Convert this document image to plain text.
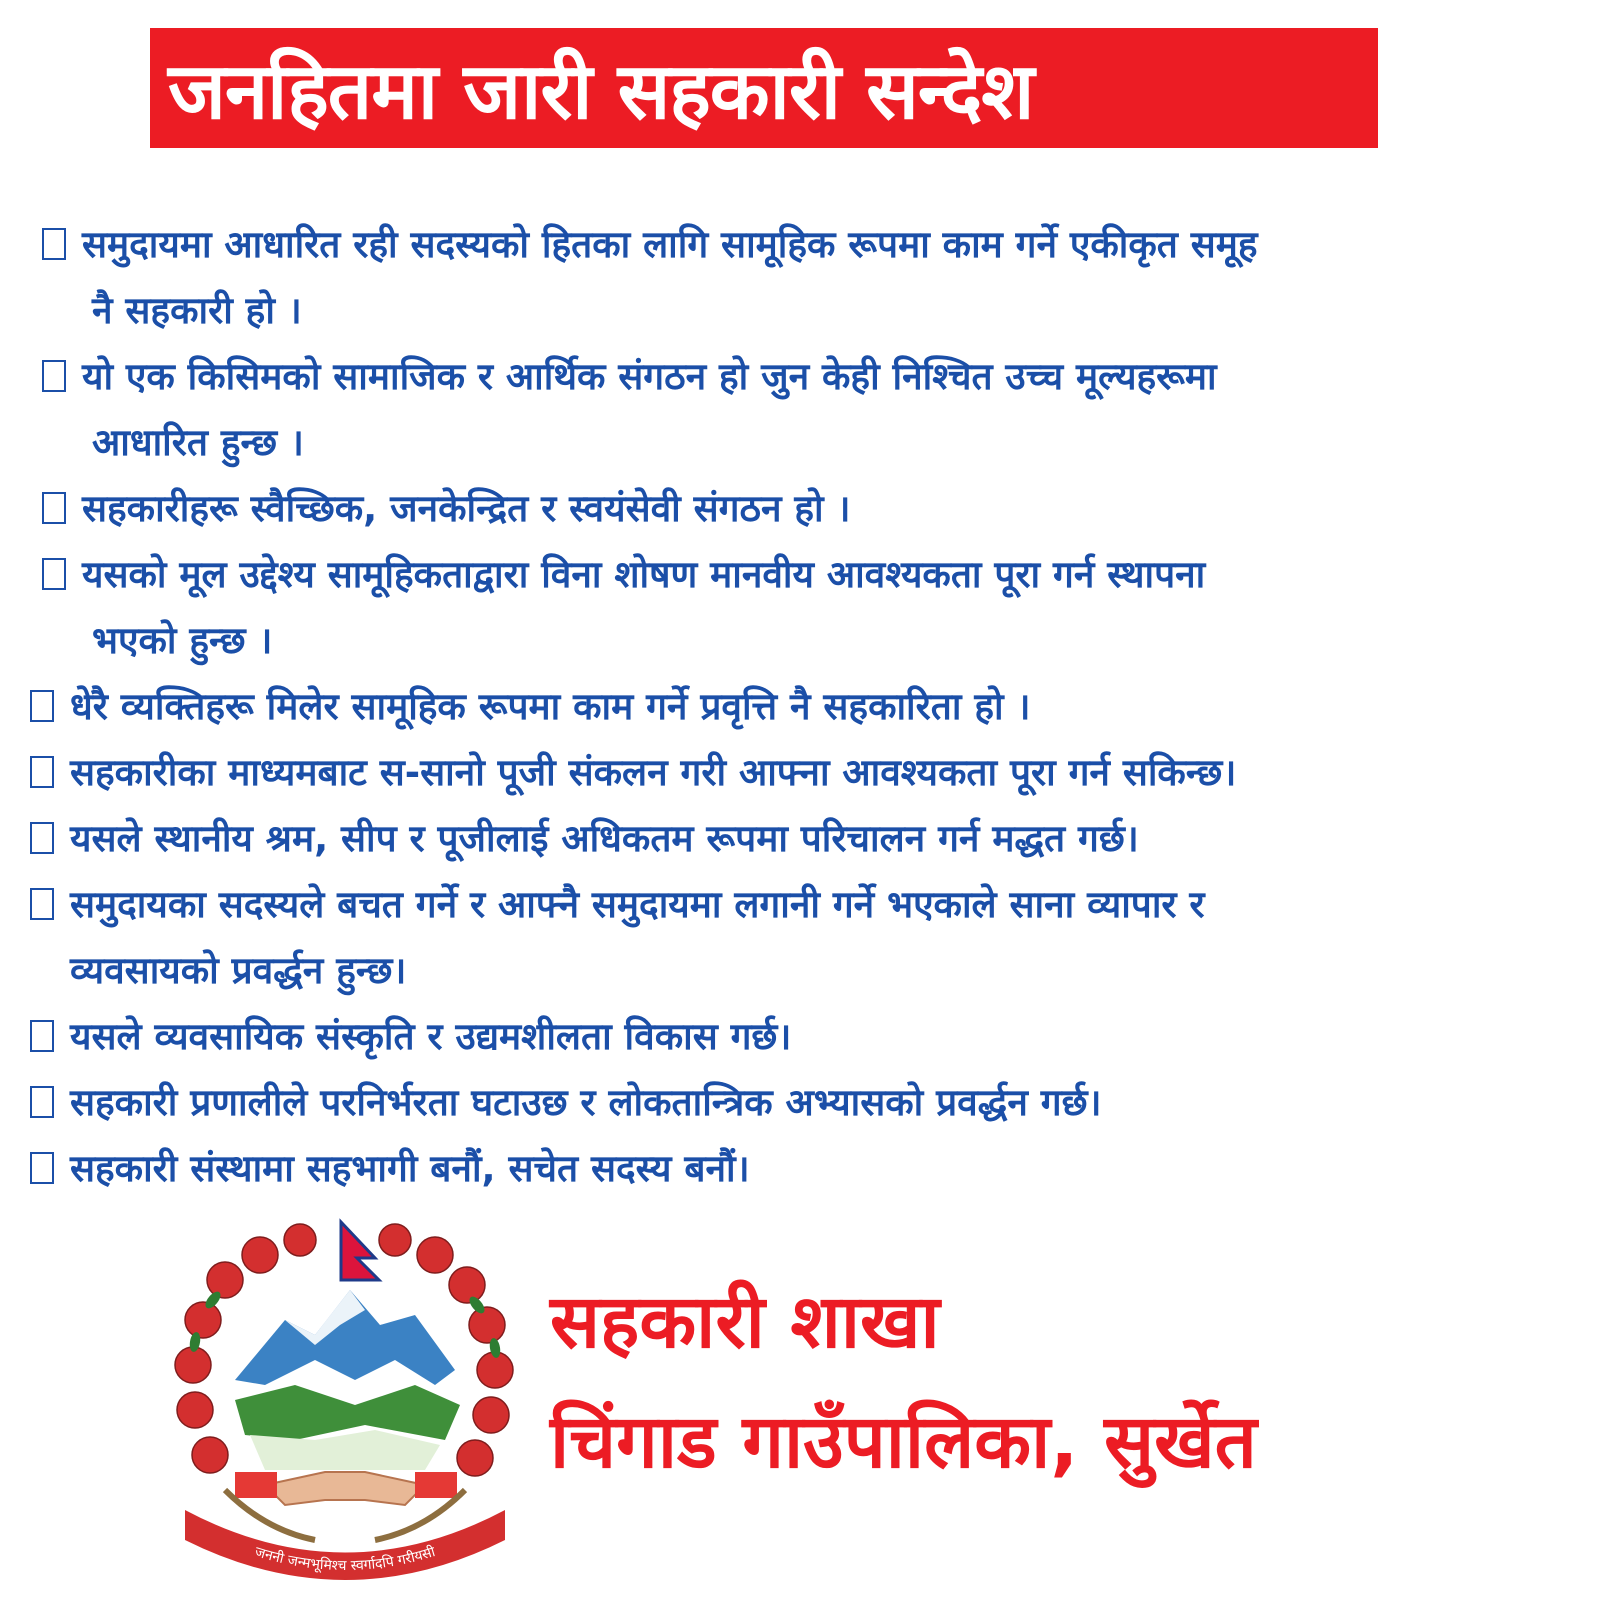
जनहितमा जारी सहकारी सन्देश
समुदायमा आधारित रही सदस्यको हितका लागि सामूहिक रूपमा काम गर्ने एकीकृत समूह
नै सहकारी हो ।
यो एक किसिमको सामाजिक र आर्थिक संगठन हो जुन केही निश्चित उच्च मूल्यहरूमा
आधारित हुन्छ ।
सहकारीहरू स्वैच्छिक, जनकेन्द्रित र स्वयंसेवी संगठन हो ।
यसको मूल उद्देश्य सामूहिकताद्वारा विना शोषण मानवीय आवश्यकता पूरा गर्न स्थापना
भएको हुन्छ ।
धेरै व्यक्तिहरू मिलेर सामूहिक रूपमा काम गर्ने प्रवृत्ति नै सहकारिता हो ।
सहकारीका माध्यमबाट स-सानो पूजी संकलन गरी आफ्ना आवश्यकता पूरा गर्न सकिन्छ।
यसले स्थानीय श्रम, सीप र पूजीलाई अधिकतम रूपमा परिचालन गर्न मद्धत गर्छ।
समुदायका सदस्यले बचत गर्ने र आफ्नै समुदायमा लगानी गर्ने भएकाले साना व्यापार र
व्यवसायको प्रवर्द्धन हुन्छ।
यसले व्यवसायिक संस्कृति र उद्यमशीलता विकास गर्छ।
सहकारी प्रणालीले परनिर्भरता घटाउछ र लोकतान्त्रिक अभ्यासको प्रवर्द्धन गर्छ।
सहकारी संस्थामा सहभागी बनौं, सचेत सदस्य बनौं।
जननी जन्मभूमिश्च स्वर्गादपि गरीयसी
सहकारी शाखा
चिंगाड गाउँपालिका, सुर्खेत
